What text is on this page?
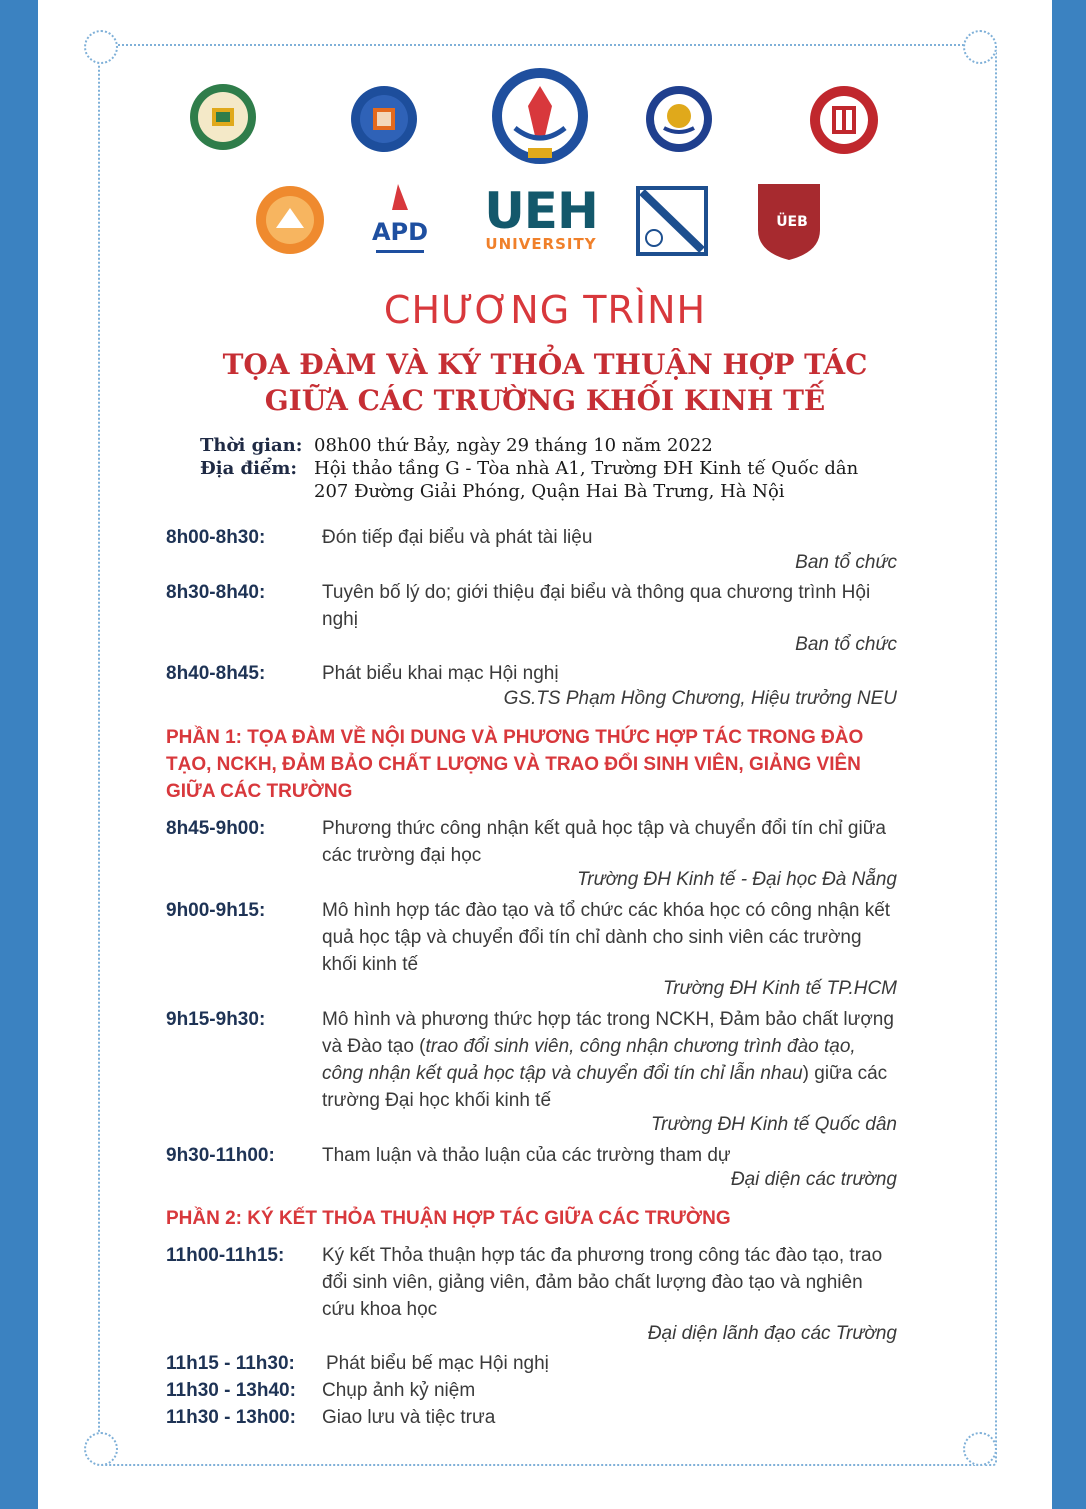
APD UEH
UNIVERSITY
ÜEB
CHƯƠNG TRÌNH
TỌA ĐÀM VÀ KÝ THỎA THUẬN HỢP TÁC
GIỮA CÁC TRƯỜNG KHỐI KINH TẾ
Thời gian: 08h00 thứ Bảy, ngày 29 tháng 10 năm 2022
Địa điểm: Hội thảo tầng G - Tòa nhà A1, Trường ĐH Kinh tế Quốc dân
207 Đường Giải Phóng, Quận Hai Bà Trưng, Hà Nội
8h00-8h30:	Đón tiếp đại biểu và phát tài liệu
Ban tổ chức
8h30-8h40:	Tuyên bố lý do; giới thiệu đại biểu và thông qua chương trình Hội nghị
Ban tổ chức
8h40-8h45:	Phát biểu khai mạc Hội nghị
GS.TS Phạm Hồng Chương, Hiệu trưởng NEU
PHẦN 1: TỌA ĐÀM VỀ NỘI DUNG VÀ PHƯƠNG THỨC HỢP TÁC TRONG ĐÀO TẠO, NCKH, ĐẢM BẢO CHẤT LƯỢNG VÀ TRAO ĐỔI SINH VIÊN, GIẢNG VIÊN GIỮA CÁC TRƯỜNG
8h45-9h00:	Phương thức công nhận kết quả học tập và chuyển đổi tín chỉ giữa các trường đại học
Trường ĐH Kinh tế - Đại học Đà Nẵng
9h00-9h15:	Mô hình hợp tác đào tạo và tổ chức các khóa học có công nhận kết quả học tập và chuyển đổi tín chỉ dành cho sinh viên các trường khối kinh tế
Trường ĐH Kinh tế TP.HCM
9h15-9h30:	Mô hình và phương thức hợp tác trong NCKH, Đảm bảo chất lượng và Đào tạo (trao đổi sinh viên, công nhận chương trình đào tạo, công nhận kết quả học tập và chuyển đổi tín chỉ lẫn nhau) giữa các trường Đại học khối kinh tế
Trường ĐH Kinh tế Quốc dân
9h30-11h00: Tham luận và thảo luận của các trường tham dự
Đại diện các trường
PHẦN 2: KÝ KẾT THỎA THUẬN HỢP TÁC GIỮA CÁC TRƯỜNG
11h00-11h15: Ký kết Thỏa thuận hợp tác đa phương trong công tác đào tạo, trao đổi sinh viên, giảng viên, đảm bảo chất lượng đào tạo và nghiên cứu khoa học
Đại diện lãnh đạo các Trường
11h15 - 11h30: Phát biểu bế mạc Hội nghị
11h30 - 13h40: Chụp ảnh kỷ niệm
11h30 - 13h00: Giao lưu và tiệc trưa
